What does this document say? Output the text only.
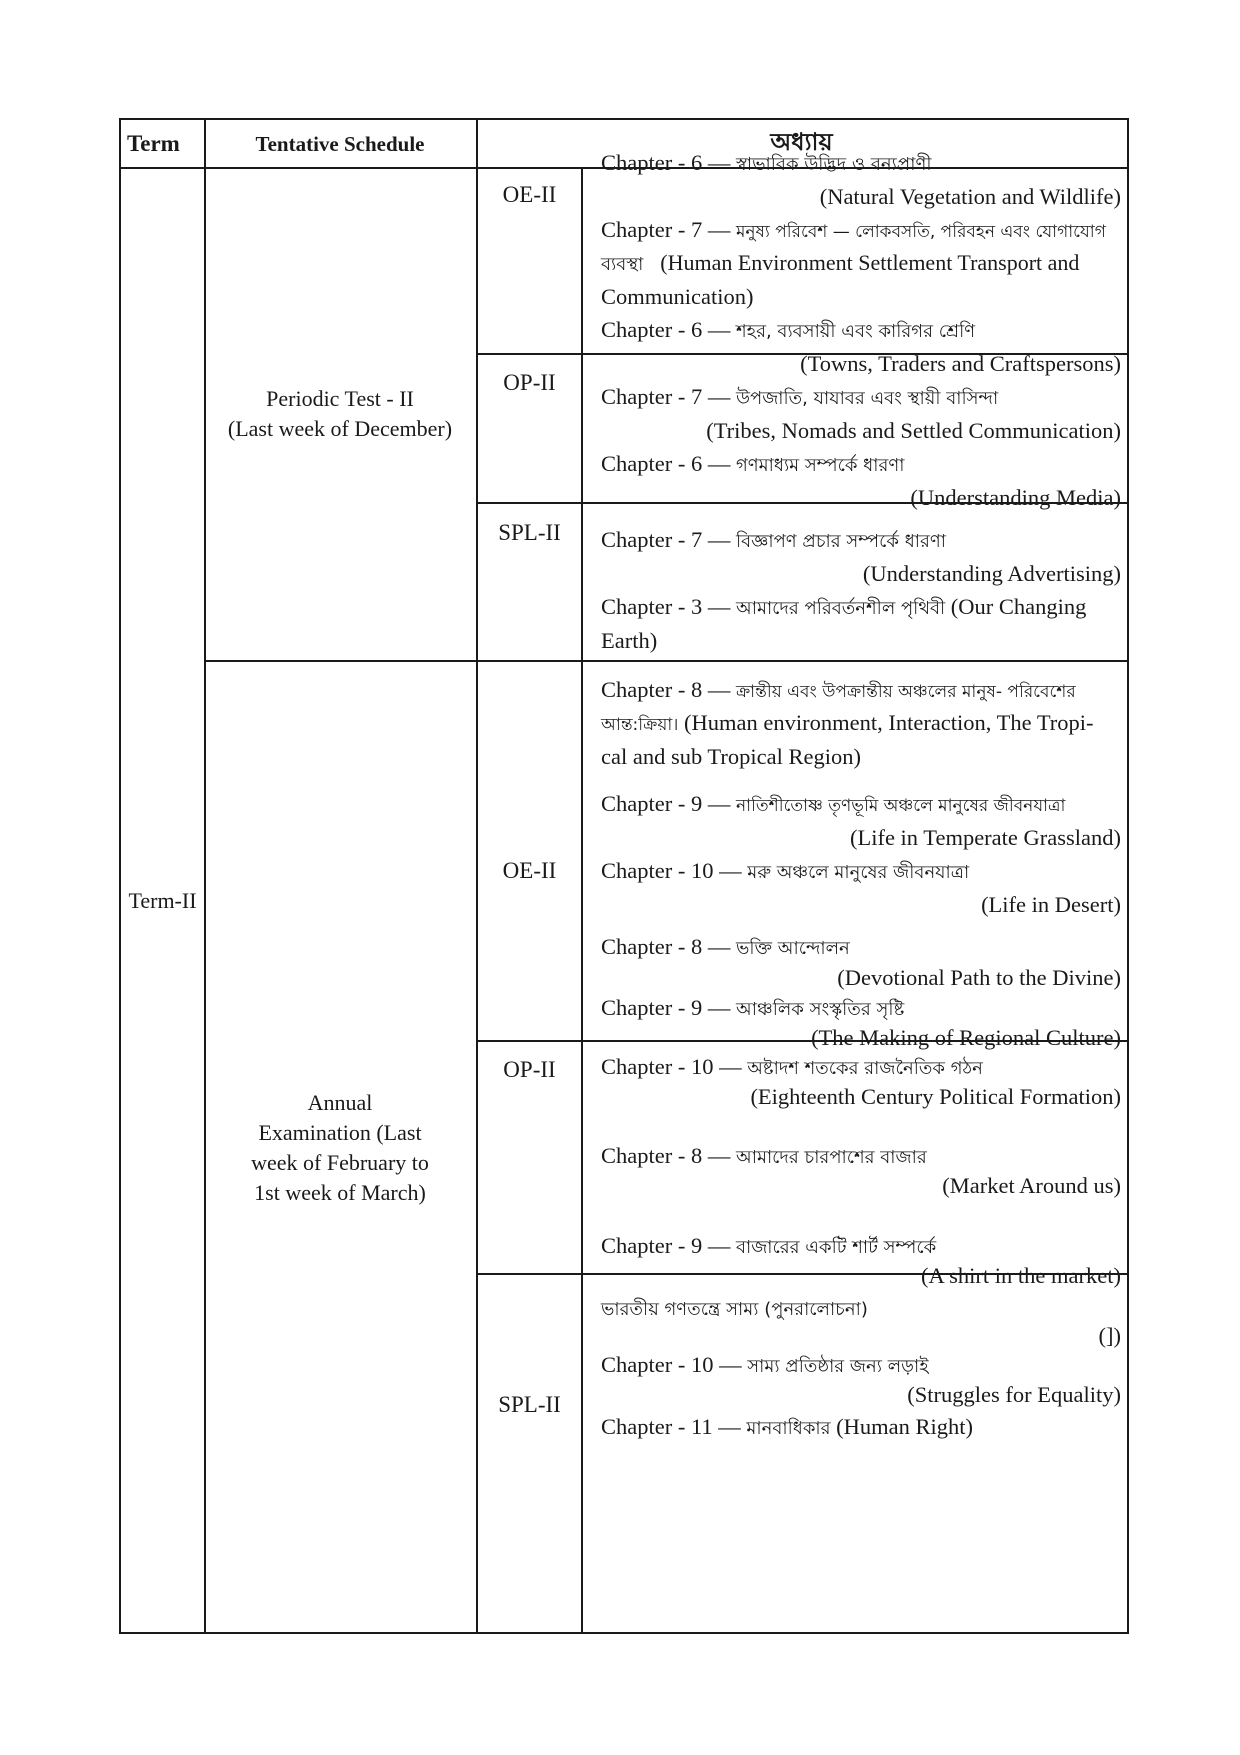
Term	Tentative Schedule	অধ্যায়
Term-II
Periodic Test - II
(Last week of December)
Annual
Examination (Last
week of February to
1st week of March)
OE-II
OP-II
SPL-II
OE-II
OP-II
SPL-II
Chapter - 6 — স্বাভাবিক উদ্ভিদ ও বন্যপ্রাণী
(Natural Vegetation and Wildlife)
Chapter - 7 — মনুষ্য পরিবেশ — লোকবসতি, পরিবহন এবং যোগাযোগ
ব্যবস্থা (Human Environment Settlement Transport and
Communication)
Chapter - 6 — শহর, ব্যবসায়ী এবং কারিগর শ্রেণি
(Towns, Traders and Craftspersons)
Chapter - 7 — উপজাতি, যাযাবর এবং স্থায়ী বাসিন্দা
(Tribes, Nomads and Settled Communication)
Chapter - 6 — গণমাধ্যম সম্পর্কে ধারণা
(Understanding Media)
Chapter - 7 — বিজ্ঞাপণ প্রচার সম্পর্কে ধারণা
(Understanding Advertising)
Chapter - 3 — আমাদের পরিবর্তনশীল পৃথিবী (Our Changing
Earth)
Chapter - 8 — ক্রান্তীয় এবং উপক্রান্তীয় অঞ্চলের মানুষ- পরিবেশের
আন্ত:ক্রিয়া। (Human environment, Interaction, The Tropi-
cal and sub Tropical Region)
Chapter - 9 — নাতিশীতোষ্ণ তৃণভূমি অঞ্চলে মানুষের জীবনযাত্রা
(Life in Temperate Grassland)
Chapter - 10 — মরু অঞ্চলে মানুষের জীবনযাত্রা
(Life in Desert)
Chapter - 8 — ভক্তি আন্দোলন
(Devotional Path to the Divine)
Chapter - 9 — আঞ্চলিক সংস্কৃতির সৃষ্টি
(The Making of Regional Culture)
Chapter - 10 — অষ্টাদশ শতকের রাজনৈতিক গঠন
(Eighteenth Century Political Formation)
Chapter - 8 — আমাদের চারপাশের বাজার
(Market Around us)
Chapter - 9 — বাজারের একটি শার্ট সম্পর্কে
(A shirt in the market)
ভারতীয় গণতন্ত্রে সাম্য (পুনরালোচনা)
(])
Chapter - 10 — সাম্য প্রতিষ্ঠার জন্য লড়াই
(Struggles for Equality)
Chapter - 11 — মানবাধিকার (Human Right)
